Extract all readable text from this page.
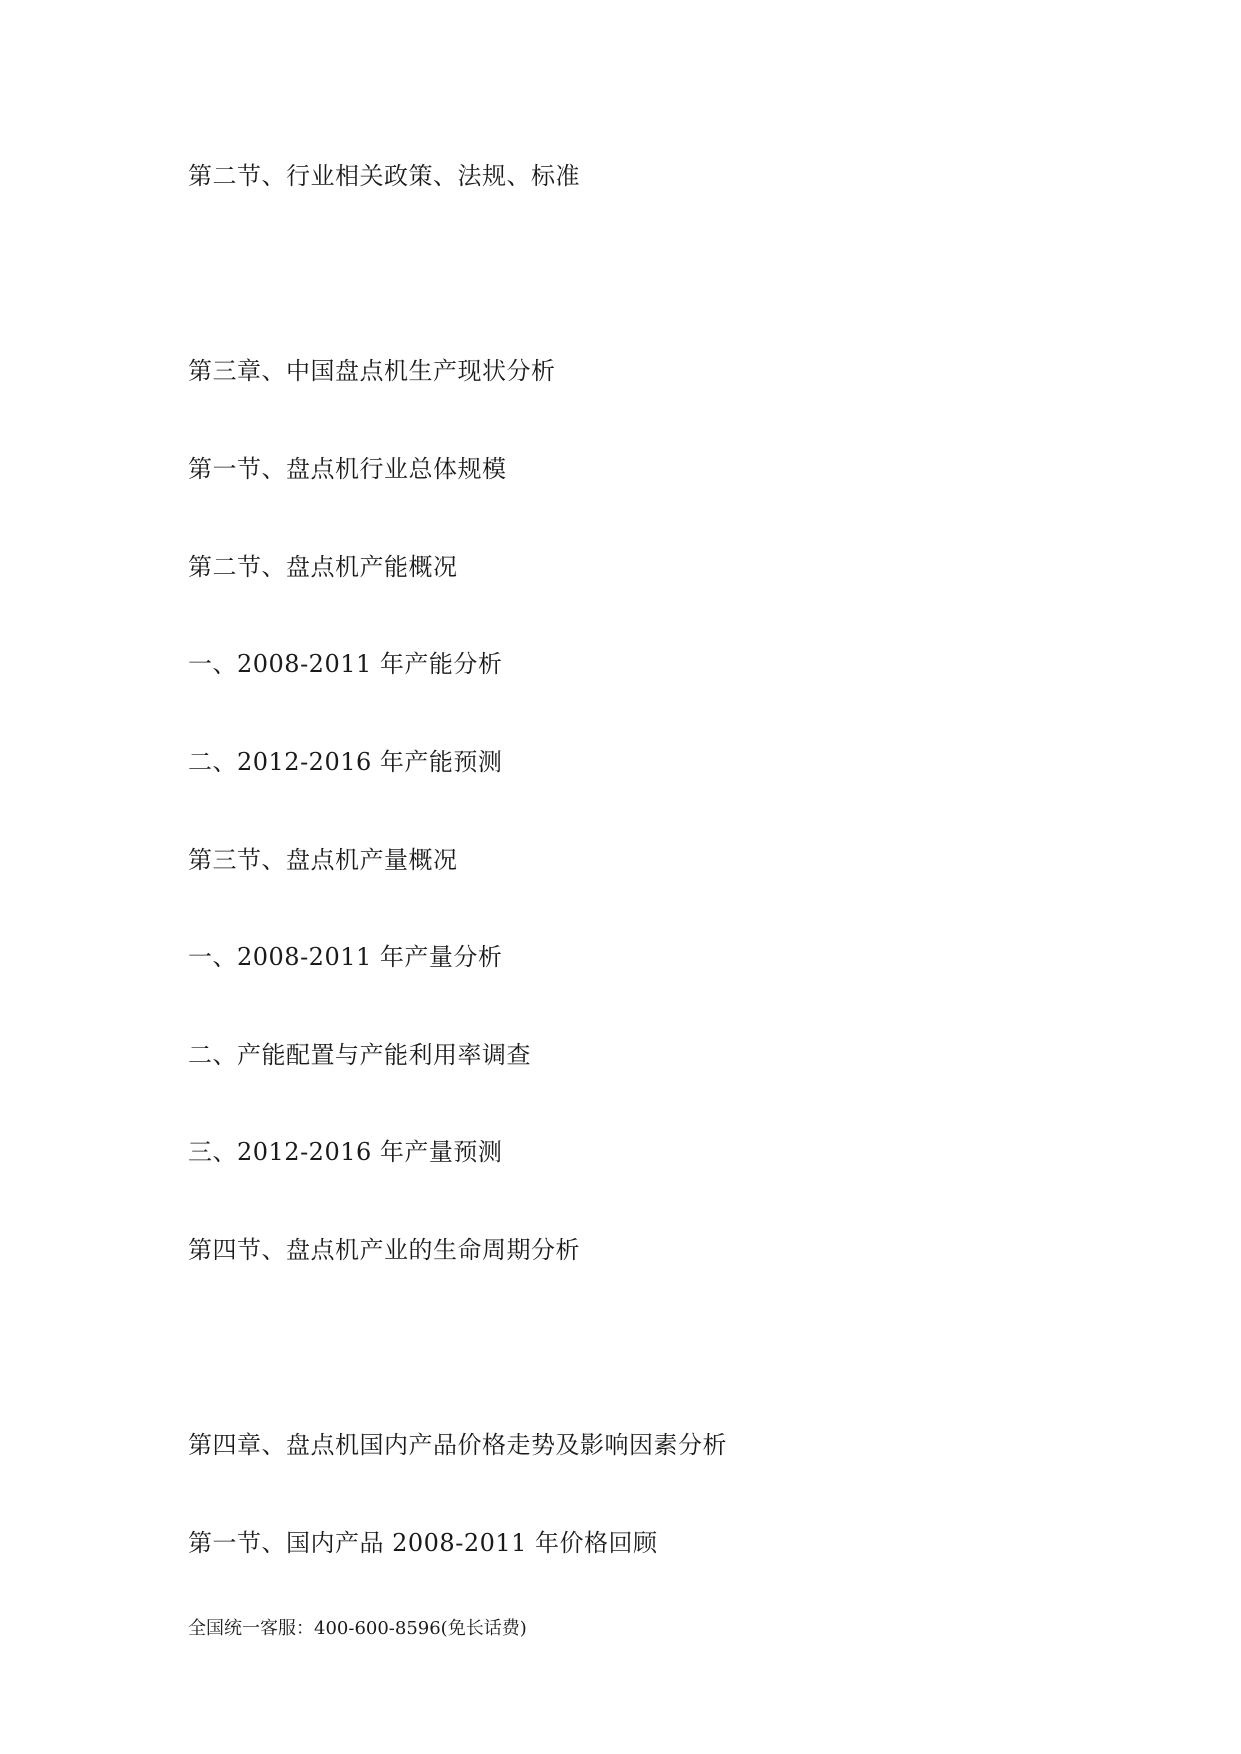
第二节、行业相关政策、法规、标准
第三章、中国盘点机生产现状分析
第一节、盘点机行业总体规模
第二节、盘点机产能概况
一、2008-2011 年产能分析
二、2012-2016 年产能预测
第三节、盘点机产量概况
一、2008-2011 年产量分析
二、产能配置与产能利用率调查
三、2012-2016 年产量预测
第四节、盘点机产业的生命周期分析
第四章、盘点机国内产品价格走势及影响因素分析
第一节、国内产品 2008-2011 年价格回顾
全国统一客服：400-600-8596(免长话费)
